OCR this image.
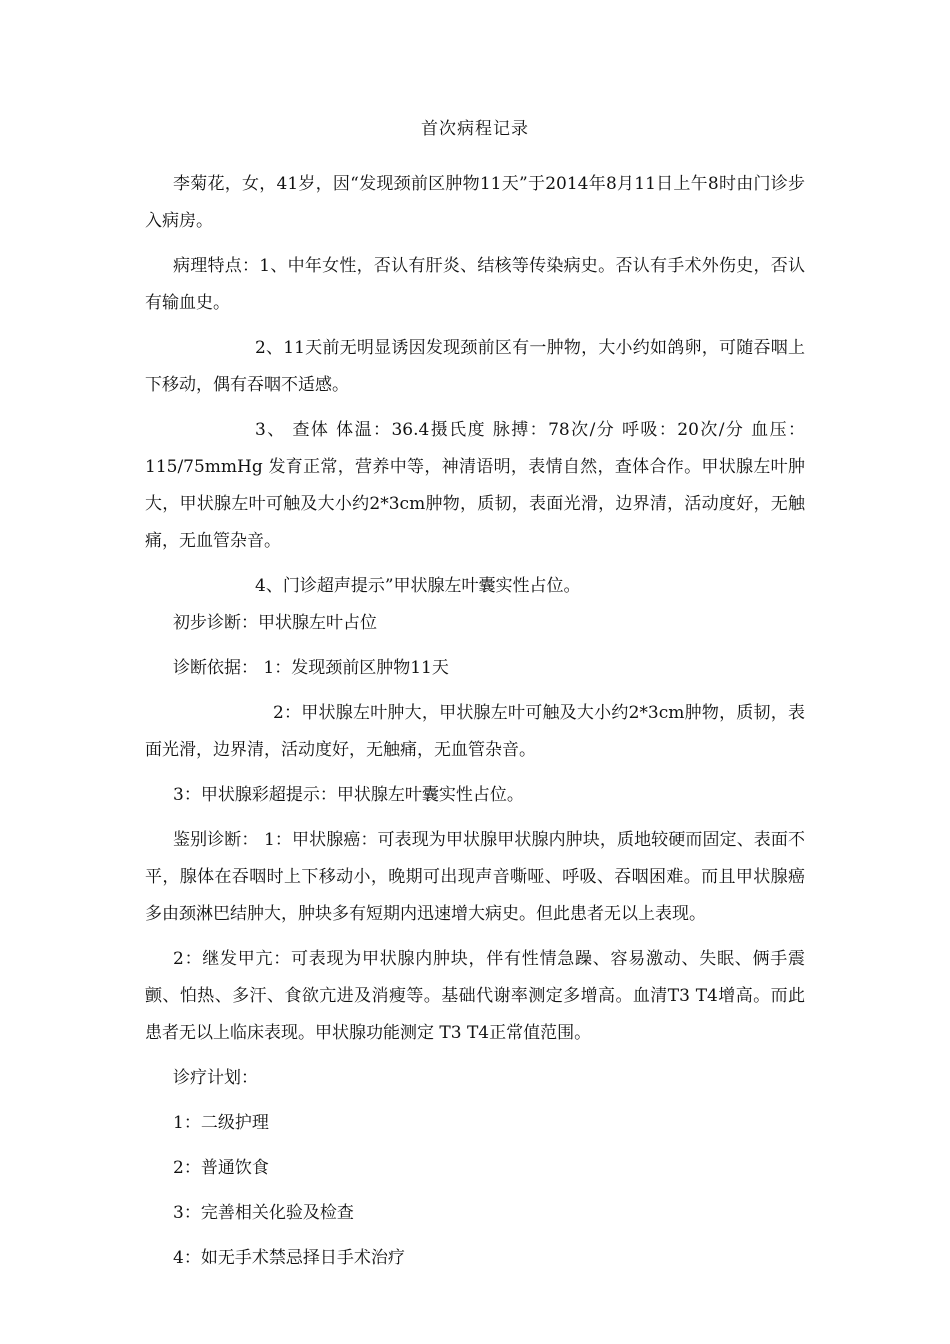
首次病程记录

李菊花，女，41岁，因“发现颈前区肿物11天”于2014年8月11日上午8时由门诊步入病房。

病理特点：1、中年女性，否认有肝炎、结核等传染病史。否认有手术外伤史，否认有输血史。

2、11天前无明显诱因发现颈前区有一肿物，大小约如鸽卵，可随吞咽上下移动，偶有吞咽不适感。

3、 查体 体温：36.4摄氏度 脉搏：78次/分 呼吸：20次/分 血压：115/75mmHg 发育正常，营养中等，神清语明，表情自然，查体合作。甲状腺左叶肿大，甲状腺左叶可触及大小约2*3cm肿物，质韧，表面光滑，边界清，活动度好，无触痛，无血管杂音。

4、门诊超声提示”甲状腺左叶囊实性占位。

初步诊断：甲状腺左叶占位

诊断依据： 1：发现颈前区肿物11天

2：甲状腺左叶肿大，甲状腺左叶可触及大小约2*3cm肿物，质韧，表面光滑，边界清，活动度好，无触痛，无血管杂音。

3：甲状腺彩超提示：甲状腺左叶囊实性占位。

鉴别诊断： 1：甲状腺癌：可表现为甲状腺甲状腺内肿块，质地较硬而固定、表面不平，腺体在吞咽时上下移动小，晚期可出现声音嘶哑、呼吸、吞咽困难。而且甲状腺癌多由颈淋巴结肿大，肿块多有短期内迅速增大病史。但此患者无以上表现。

2：继发甲亢：可表现为甲状腺内肿块，伴有性情急躁、容易激动、失眠、俩手震颤、怕热、多汗、食欲亢进及消瘦等。基础代谢率测定多增高。血清T3 T4增高。而此患者无以上临床表现。甲状腺功能测定 T3 T4正常值范围。

诊疗计划：

1：二级护理

2：普通饮食

3：完善相关化验及检查

4：如无手术禁忌择日手术治疗
